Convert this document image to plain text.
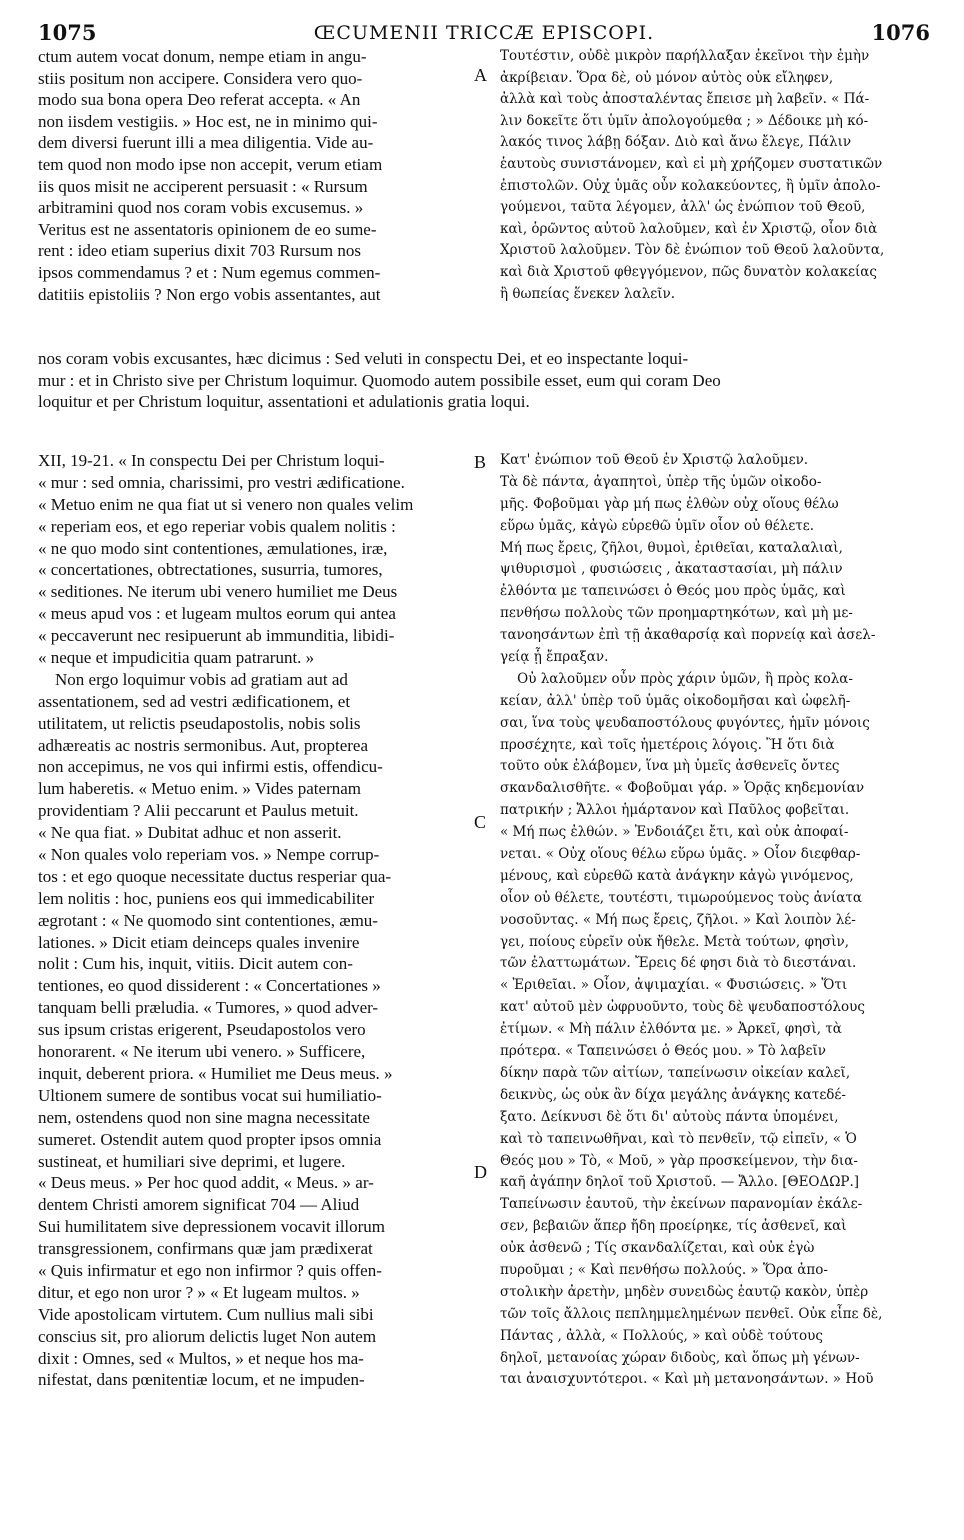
1075	ŒCUMENII TRICCÆ EPISCOPI.	1076
ctum autem vocat donum, nempe etiam in angu-
stiis positum non accipere. Considera vero quo-
modo sua bona opera Deo referat accepta. « An
non iisdem vestigiis. » Hoc est, ne in minimo qui-
dem diversi fuerunt illi a mea diligentia. Vide au-
tem quod non modo ipse non accepit, verum etiam
iis quos misit ne acciperent persuasit : « Rursum
arbitramini quod nos coram vobis excusemus. »
Veritus est ne assentatoris opinionem de eo sume-
rent : ideo etiam superius dixit 703 Rursum nos
ipsos commendamus ? et : Num egemus commen-
datitiis epistoliis ? Non ergo vobis assentantes, aut
Τουτέστιν, οὐδὲ μικρὸν παρήλλαξαν ἐκεῖνοι τὴν ἐμὴν
ἀκρίβειαν. Ὅρα δὲ, οὐ μόνον αὐτὸς οὐκ εἴληφεν,
ἀλλὰ καὶ τοὺς ἀποσταλέντας ἔπεισε μὴ λαβεῖν. « Πά-
λιν δοκεῖτε ὅτι ὑμῖν ἀπολογούμεθα ; » Δέδοικε μὴ κό-
λακός τινος λάβῃ δόξαν. Διὸ καὶ ἄνω ἔλεγε, Πάλιν
ἑαυτοὺς συνιστάνομεν, καὶ εἰ μὴ χρήζομεν συστατικῶν
ἐπιστολῶν. Οὐχ ὑμᾶς οὖν κολακεύοντες, ἢ ὑμῖν ἀπολο-
γούμενοι, ταῦτα λέγομεν, ἀλλ' ὡς ἐνώπιον τοῦ Θεοῦ,
καὶ, ὁρῶντος αὐτοῦ λαλοῦμεν, καὶ ἐν Χριστῷ, οἷον διὰ
Χριστοῦ λαλοῦμεν. Τὸν δὲ ἐνώπιον τοῦ Θεοῦ λαλοῦντα,
καὶ διὰ Χριστοῦ φθεγγόμενον, πῶς δυνατὸν κολακείας
ἢ θωπείας ἕνεκεν λαλεῖν.
nos coram vobis excusantes, hæc dicimus : Sed veluti in conspectu Dei, et eo inspectante loqui-
mur : et in Christo sive per Christum loquimur. Quomodo autem possibile esset, eum qui coram Deo
loquitur et per Christum loquitur, assentationi et adulationis gratia loqui.
XII, 19-21. « In conspectu Dei per Christum loqui-
« mur : sed omnia, charissimi, pro vestri ædificatione.
« Metuo enim ne qua fiat ut si venero non quales velim
« reperiam eos, et ego reperiar vobis qualem nolitis :
« ne quo modo sint contentiones, æmulationes, iræ,
« concertationes, obtrectationes, susurria, tumores,
« seditiones. Ne iterum ubi venero humiliet me Deus
« meus apud vos : et lugeam multos eorum qui antea
« peccaverunt nec resipuerunt ab immunditia, libidi-
« neque et impudicitia quam patrarunt. »
Non ergo loquimur vobis ad gratiam aut ad
assentationem, sed ad vestri ædificationem, et
utilitatem, ut relictis pseudapostolis, nobis solis
adhæreatis ac nostris sermonibus. Aut, propterea
non accepimus, ne vos qui infirmi estis, offendicu-
lum haberetis. « Metuo enim. » Vides paternam
providentiam ? Alii peccarunt et Paulus metuit.
« Ne qua fiat. » Dubitat adhuc et non asserit.
« Non quales volo reperiam vos. » Nempe corrup-
tos : et ego quoque necessitate ductus resperiar qua-
lem nolitis : hoc, puniens eos qui immedicabiliter
ægrotant : « Ne quomodo sint contentiones, æmu-
lationes. » Dicit etiam deinceps quales invenire
nolit : Cum his, inquit, vitiis. Dicit autem con-
tentiones, eo quod dissiderent : « Concertationes »
tanquam belli præludia. « Tumores, » quod adver-
sus ipsum cristas erigerent, Pseudapostolos vero
honorarent. « Ne iterum ubi venero. » Sufficere,
inquit, deberent priora. « Humiliet me Deus meus. »
Ultionem sumere de sontibus vocat sui humiliatio-
nem, ostendens quod non sine magna necessitate
sumeret. Ostendit autem quod propter ipsos omnia
sustineat, et humiliari sive deprimi, et lugere.
« Deus meus. » Per hoc quod addit, « Meus. » ar-
dentem Christi amorem significat 704 — Aliud
Sui humilitatem sive depressionem vocavit illorum
transgressionem, confirmans quæ jam prædixerat
« Quis infirmatur et ego non infirmor ? quis offen-
ditur, et ego non uror ? » « Et lugeam multos. »
Vide apostolicam virtutem. Cum nullius mali sibi
conscius sit, pro aliorum delictis luget Non autem
dixit : Omnes, sed « Multos, » et neque hos ma-
nifestat, dans pœnitentiæ locum, et ne impuden-
Κατ' ἐνώπιον τοῦ Θεοῦ ἐν Χριστῷ λαλοῦμεν.
Τὰ δὲ πάντα, ἀγαπητοὶ, ὑπὲρ τῆς ὑμῶν οἰκοδο-
μῆς. Φοβοῦμαι γὰρ μή πως ἐλθὼν οὐχ οἵους θέλω
εὕρω ὑμᾶς, κἀγὼ εὑρεθῶ ὑμῖν οἷον οὐ θέλετε.
Μή πως ἔρεις, ζῆλοι, θυμοὶ, ἐριθεῖαι, καταλαλιαὶ,
ψιθυρισμοὶ , φυσιώσεις , ἀκαταστασίαι, μὴ πάλιν
ἐλθόντα με ταπεινώσει ὁ Θεός μου πρὸς ὑμᾶς, καὶ
πενθήσω πολλοὺς τῶν προημαρτηκότων, καὶ μὴ με-
τανοησάντων ἐπὶ τῇ ἀκαθαρσίᾳ καὶ πορνείᾳ καὶ ἀσελ-
γείᾳ ᾗ ἔπραξαν.
Οὐ λαλοῦμεν οὖν πρὸς χάριν ὑμῶν, ἢ πρὸς κολα-
κείαν, ἀλλ' ὑπὲρ τοῦ ὑμᾶς οἰκοδομῆσαι καὶ ὠφελῆ-
σαι, ἵνα τοὺς ψευδαποστόλους φυγόντες, ἡμῖν μόνοις
προσέχητε, καὶ τοῖς ἡμετέροις λόγοις. Ἢ ὅτι διὰ
τοῦτο οὐκ ἐλάβομεν, ἵνα μὴ ὑμεῖς ἀσθενεῖς ὄντες
σκανδαλισθῆτε. « Φοβοῦμαι γάρ. » Ὁρᾷς κηδεμονίαν
πατρικήν ; Ἄλλοι ἡμάρτανον καὶ Παῦλος φοβεῖται.
« Μή πως ἐλθών. » Ἐνδοιάζει ἔτι, καὶ οὐκ ἀποφαί-
νεται. « Οὐχ οἵους θέλω εὕρω ὑμᾶς. » Οἷον διεφθαρ-
μένους, καὶ εὑρεθῶ κατὰ ἀνάγκην κἀγὼ γινόμενος,
οἷον οὐ θέλετε, τουτέστι, τιμωρούμενος τοὺς ἀνίατα
νοσοῦντας. « Μή πως ἔρεις, ζῆλοι. » Καὶ λοιπὸν λέ-
γει, ποίους εὑρεῖν οὐκ ἤθελε. Μετὰ τούτων, φησὶν,
τῶν ἐλαττωμάτων. Ἔρεις δέ φησι διὰ τὸ διεστάναι.
« Ἐριθεῖαι. » Οἷον, ἀψιμαχίαι. « Φυσιώσεις. » Ὅτι
κατ' αὐτοῦ μὲν ὠφρυοῦντο, τοὺς δὲ ψευδαποστόλους
ἐτίμων. « Μὴ πάλιν ἐλθόντα με. » Ἀρκεῖ, φησὶ, τὰ
πρότερα. « Ταπεινώσει ὁ Θεός μου. » Τὸ λαβεῖν
δίκην παρὰ τῶν αἰτίων, ταπείνωσιν οἰκείαν καλεῖ,
δεικνὺς, ὡς οὐκ ἂν δίχα μεγάλης ἀνάγκης κατεδέ-
ξατο. Δείκνυσι δὲ ὅτι δι' αὐτοὺς πάντα ὑπομένει,
καὶ τὸ ταπεινωθῆναι, καὶ τὸ πενθεῖν, τῷ εἰπεῖν, « Ὁ
Θεός μου » Τὸ, « Μοῦ, » γὰρ προσκείμενον, τὴν δια-
καῆ ἀγάπην δηλοῖ τοῦ Χριστοῦ. — Ἄλλο. [ΘΕΟΔΩΡ.]
Ταπείνωσιν ἑαυτοῦ, τὴν ἐκείνων παρανομίαν ἐκάλε-
σεν, βεβαιῶν ἅπερ ἤδη προείρηκε, τίς ἀσθενεῖ, καὶ
οὐκ ἀσθενῶ ; Τίς σκανδαλίζεται, καὶ οὐκ ἐγὼ
πυροῦμαι ; « Καὶ πενθήσω πολλούς. » Ὅρα ἀπο-
στολικὴν ἀρετὴν, μηδὲν συνειδὼς ἑαυτῷ κακὸν, ὑπὲρ
τῶν τοῖς ἄλλοις πεπλημμελημένων πενθεῖ. Οὐκ εἶπε δὲ,
Πάντας , ἀλλὰ, « Πολλούς, » καὶ οὐδὲ τούτους
δηλοῖ, μετανοίας χώραν διδοὺς, καὶ ὅπως μὴ γένων-
ται ἀναισχυντότεροι. « Καὶ μὴ μετανοησάντων. » Ηοῦ
A
B
C
D
